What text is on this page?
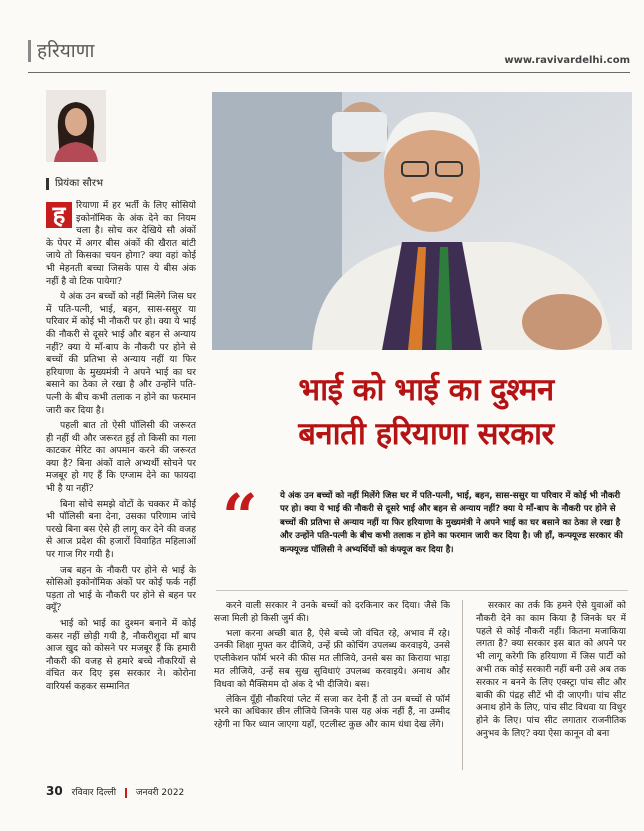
हरियाणा	www.ravivardelhi.com
प्रियंका सौरभ

ह	रियाणा में हर भर्ती के लिए सोसियो इकोनॉमिक के अंक देने का नियम चला है। सोच कर देखिये सौ अंकों के पेपर में अगर बीस अंकों की खैरात बांटी जाये तो किसका चयन होगा? क्या वहां कोई भी मेहनती बच्चा जिसके पास ये बीस अंक नहीं है वो टिक पायेगा?

ये अंक उन बच्चों को नहीं मिलेंगे जिस घर में पति-पत्नी, भाई, बहन, सास-ससुर या परिवार में कोई भी नौकरी पर हो। क्या ये भाई की नौकरी से दूसरे भाई और बहन से अन्याय नहीं? क्या ये माँ-बाप के नौकरी पर होने से बच्चों की प्रतिभा से अन्याय नहीं या फिर हरियाणा के मुख्यमंत्री ने अपने भाई का घर बसाने का ठेका ले रखा है और उन्होंने पति-पत्नी के बीच कभी तलाक न होने का फरमान जारी कर दिया है।

पहली बात तो ऐसी पॉलिसी की जरूरत ही नहीं थी और जरूरत हुई तो किसी का गला काटकर मेरिट का अपमान करने की जरूरत क्या है? बिना अंकों वाले अभ्यर्थी सोचने पर मजबूर हो गए हैं कि एग्जाम देने का फायदा भी है या नहीं?

बिना सोचे समझे वोटों के चक्कर में कोई भी पॉलिसी बना देना, उसका परिणाम जांचे परखे बिना बस ऐसे ही लागू कर देने की वजह से आज प्रदेश की हजारों विवाहित महिलाओं पर गाज गिर गयी है।

जब बहन के नौकरी पर होने से भाई के सोसिओ इकोनॉमिक अंकों पर कोई फर्क नहीं पड़ता तो भाई के नौकरी पर होने से बहन पर क्यूँ?

भाई को भाई का दुश्मन बनाने में कोई कसर नहीं छोड़ी गयी है, नौकरीशुदा माँ बाप आज खुद को कोसने पर मजबूर हैं कि हमारी नौकरी की वजह से हमारे बच्चे नौकरियों से वंचित कर दिए इस सरकार ने। कोरोना वारियर्स कहकर सम्मानित

भाई को भाई का दुश्मन
बनाती हरियाणा सरकार
“	ये अंक उन बच्चों को नहीं मिलेंगे जिस घर में पति-पत्नी, भाई, बहन, सास-ससुर या परिवार में कोई भी नौकरी पर हो। क्या ये भाई की नौकरी से दूसरे भाई और बहन से अन्याय नहीं? क्या ये माँ-बाप के नौकरी पर होने से बच्चों की प्रतिभा से अन्याय नहीं या फिर हरियाणा के मुख्यमंत्री ने अपने भाई का घर बसाने का ठेका ले रखा है और उन्होंने पति-पत्नी के बीच कभी तलाक न होने का फरमान जारी कर दिया है। जी हाँ, कन्फ्यूज्ड सरकार की कन्फ्यूज्ड पॉलिसी ने अभ्यर्थियों को कंफ्यूज कर दिया है।

करने वाली सरकार ने उनके बच्चों को दरकिनार कर दिया। जैसे कि सजा मिली हो किसी जुर्म की।

भला करना अच्छी बात है, ऐसे बच्चे जो वंचित रहे, अभाव में रहे। उनकी शिक्षा मुफ्त कर दीजिये, उन्हें फ्री कोचिंग उपलब्ध करवाइये, उनसे एप्लीकेशन फॉर्म भरने की फीस मत लीजिये, उनसे बस का किराया भाड़ा मत लीजिये, उन्हें सब सुख सुविधाएं उपलब्ध करवाइये। अनाथ और विधवा को मैक्सिमम दो अंक दे भी दीजिये। बस।

लेकिन यूँही नौकरियां प्लेट में सजा कर देनी हैं तो उन बच्चों से फॉर्म भरने का अधिकार छीन लीजिये जिनके पास यह अंक नहीं हैं, ना उम्मीद रहेगी ना फिर ध्यान जाएगा यहाँ, एटलीस्ट कुछ और काम धंधा देख लेंगे।

सरकार का तर्क कि हमने ऐसे युवाओं को नौकरी देने का काम किया है जिनके घर में पहले से कोई नौकरी नहीं। कितना मजाकिया लगता है? क्या सरकार इस बात को अपने पर भी लागू करेगी कि हरियाणा में जिस पार्टी को अभी तक कोई सरकारी नहीं बनी उसे अब तक सरकार न बनने के लिए एक्स्ट्रा पांच सीट और बाकी की पंद्रह सीटें भी दी जाएगी। पांच सीट अनाथ होने के लिए, पांच सीट विधवा या विधुर होने के लिए। पांच सीट लगातार राजनीतिक अनुभव के लिए? क्या ऐसा कानून वो बना

30 रविवार दिल्ली जनवरी 2022
